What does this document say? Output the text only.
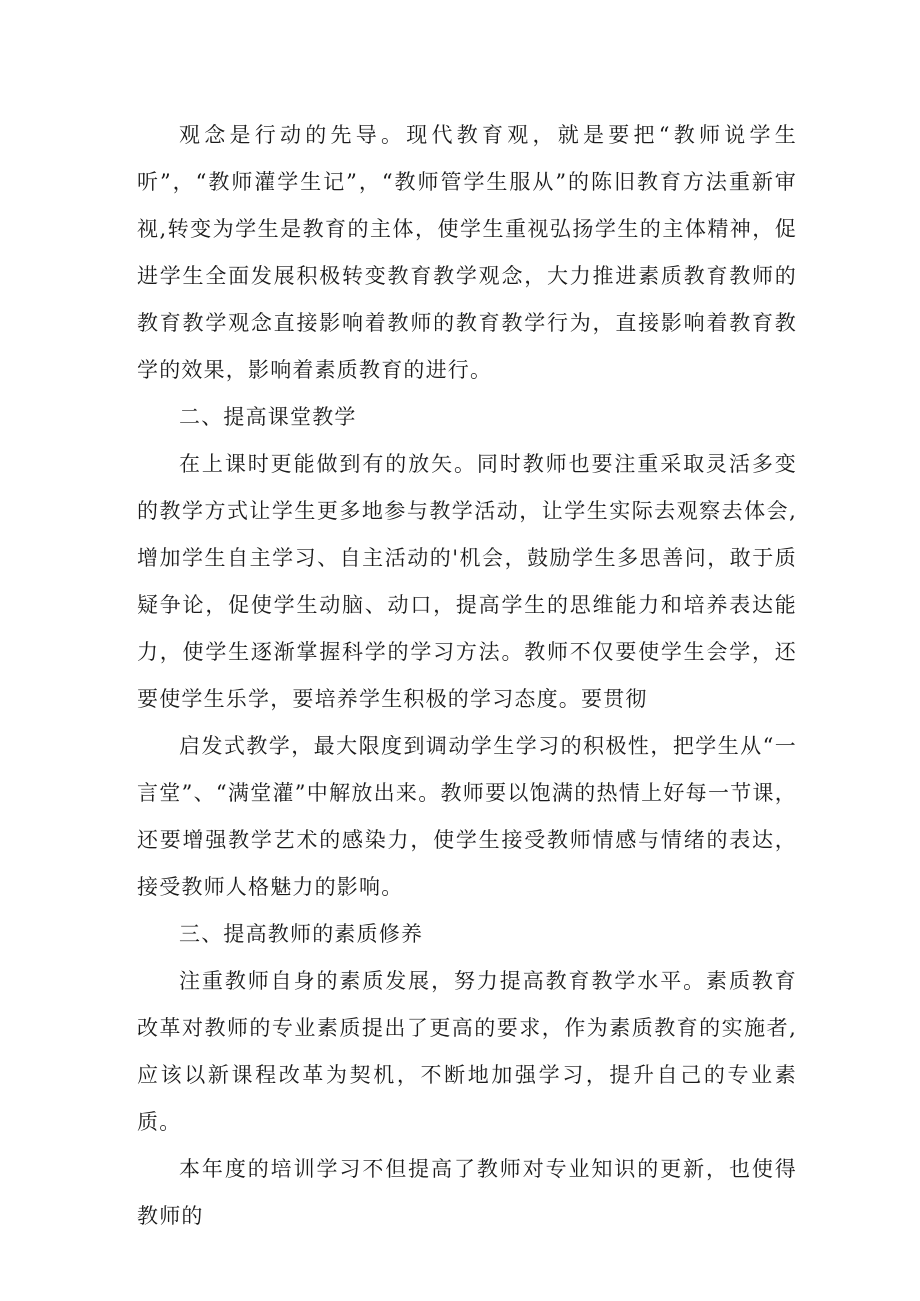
观念是行动的先导。现代教育观，就是要把“教师说学生听”，“教师灌学生记”，“教师管学生服从”的陈旧教育方法重新审视,转变为学生是教育的主体，使学生重视弘扬学生的主体精神，促进学生全面发展积极转变教育教学观念，大力推进素质教育教师的教育教学观念直接影响着教师的教育教学行为，直接影响着教育教学的效果，影响着素质教育的进行。

二、提高课堂教学

在上课时更能做到有的放矢。同时教师也要注重采取灵活多变的教学方式让学生更多地参与教学活动，让学生实际去观察去体会,增加学生自主学习、自主活动的'机会，鼓励学生多思善问，敢于质疑争论，促使学生动脑、动口，提高学生的思维能力和培养表达能力，使学生逐渐掌握科学的学习方法。教师不仅要使学生会学，还要使学生乐学，要培养学生积极的学习态度。要贯彻

启发式教学，最大限度到调动学生学习的积极性，把学生从“一言堂”、“满堂灌”中解放出来。教师要以饱满的热情上好每一节课，还要增强教学艺术的感染力，使学生接受教师情感与情绪的表达，接受教师人格魅力的影响。

三、提高教师的素质修养

注重教师自身的素质发展，努力提高教育教学水平。素质教育改革对教师的专业素质提出了更高的要求，作为素质教育的实施者,应该以新课程改革为契机，不断地加强学习，提升自己的专业素质。

本年度的培训学习不但提高了教师对专业知识的更新，也使得教师的
